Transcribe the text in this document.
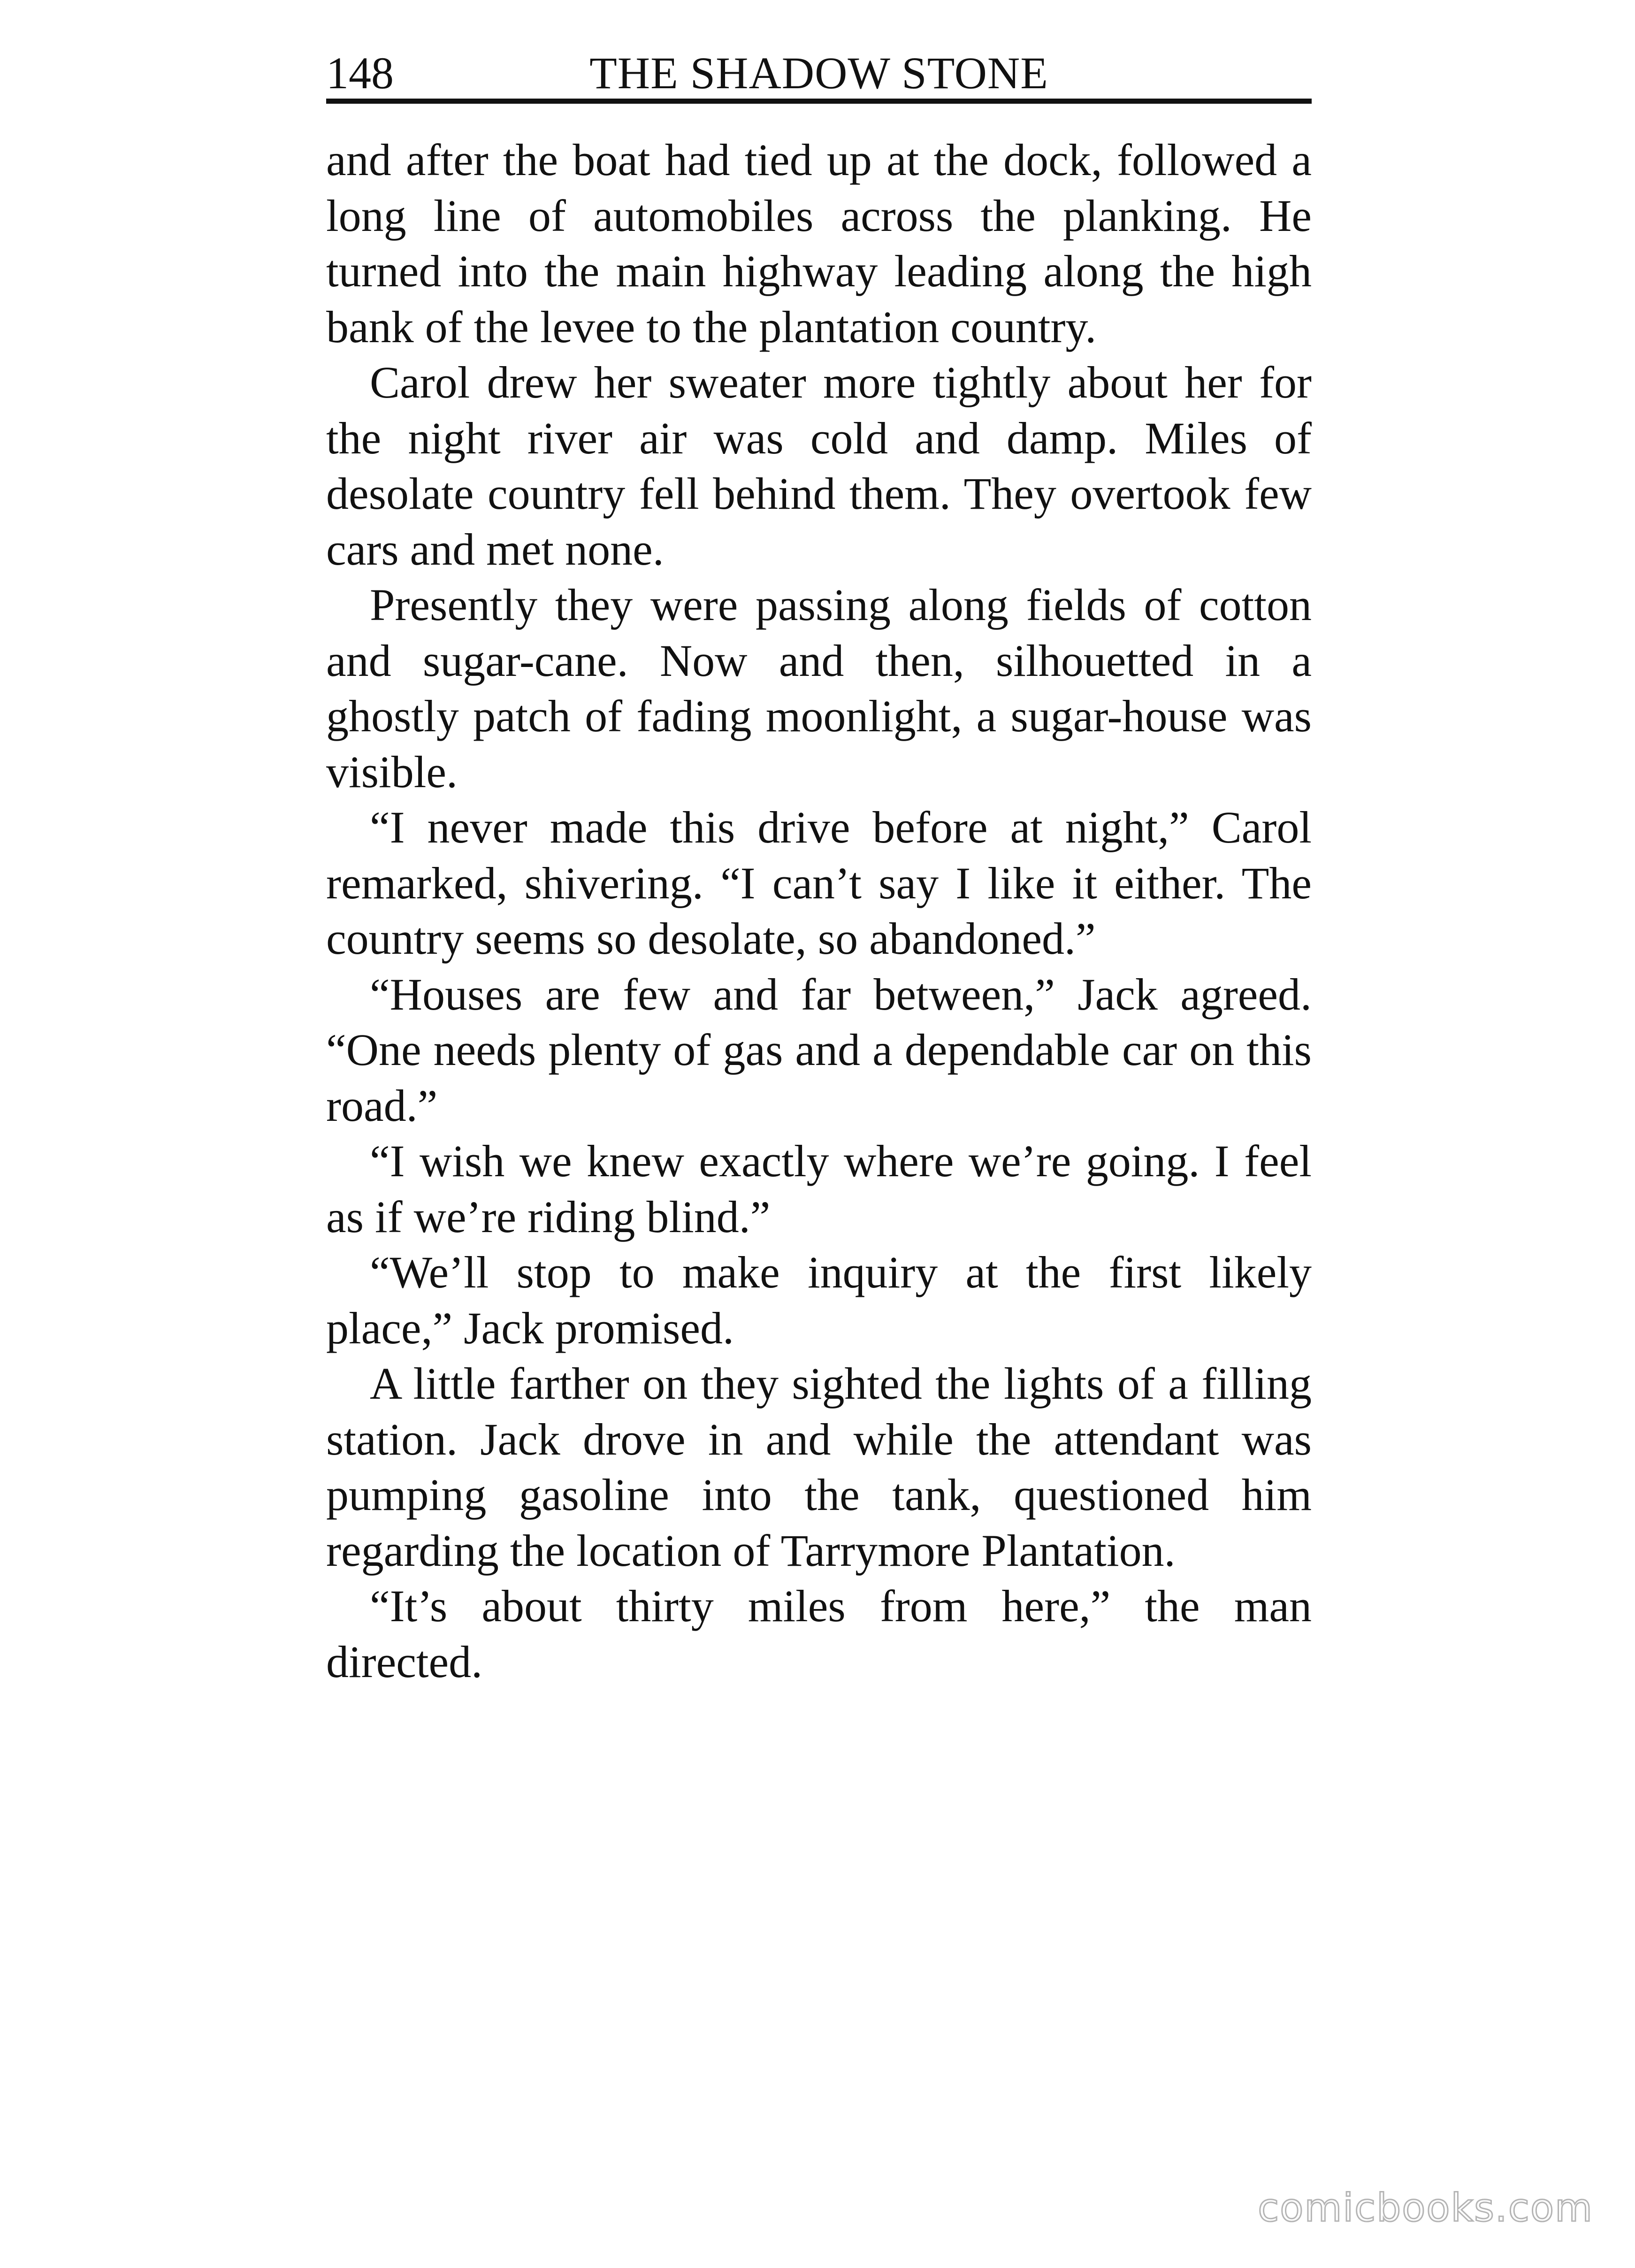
148	THE SHADOW STONE

and after the boat had tied up at the dock, followed a long line of automobiles across the planking. He turned into the main highway leading along the high bank of the levee to the plantation country.

Carol drew her sweater more tightly about her for the night river air was cold and damp. Miles of desolate country fell behind them. They overtook few cars and met none.

Presently they were passing along fields of cotton and sugar-cane. Now and then, silhouetted in a ghostly patch of fading moonlight, a sugar-house was visible.

“I never made this drive before at night,” Carol remarked, shivering. “I can’t say I like it either. The country seems so desolate, so abandoned.”

“Houses are few and far between,” Jack agreed. “One needs plenty of gas and a dependable car on this road.”

“I wish we knew exactly where we’re going. I feel as if we’re riding blind.”

“We’ll stop to make inquiry at the first likely place,” Jack promised.

A little farther on they sighted the lights of a filling station. Jack drove in and while the attendant was pumping gasoline into the tank, questioned him regarding the location of Tarrymore Plantation.

“It’s about thirty miles from here,” the man directed.

comicbooks.com
